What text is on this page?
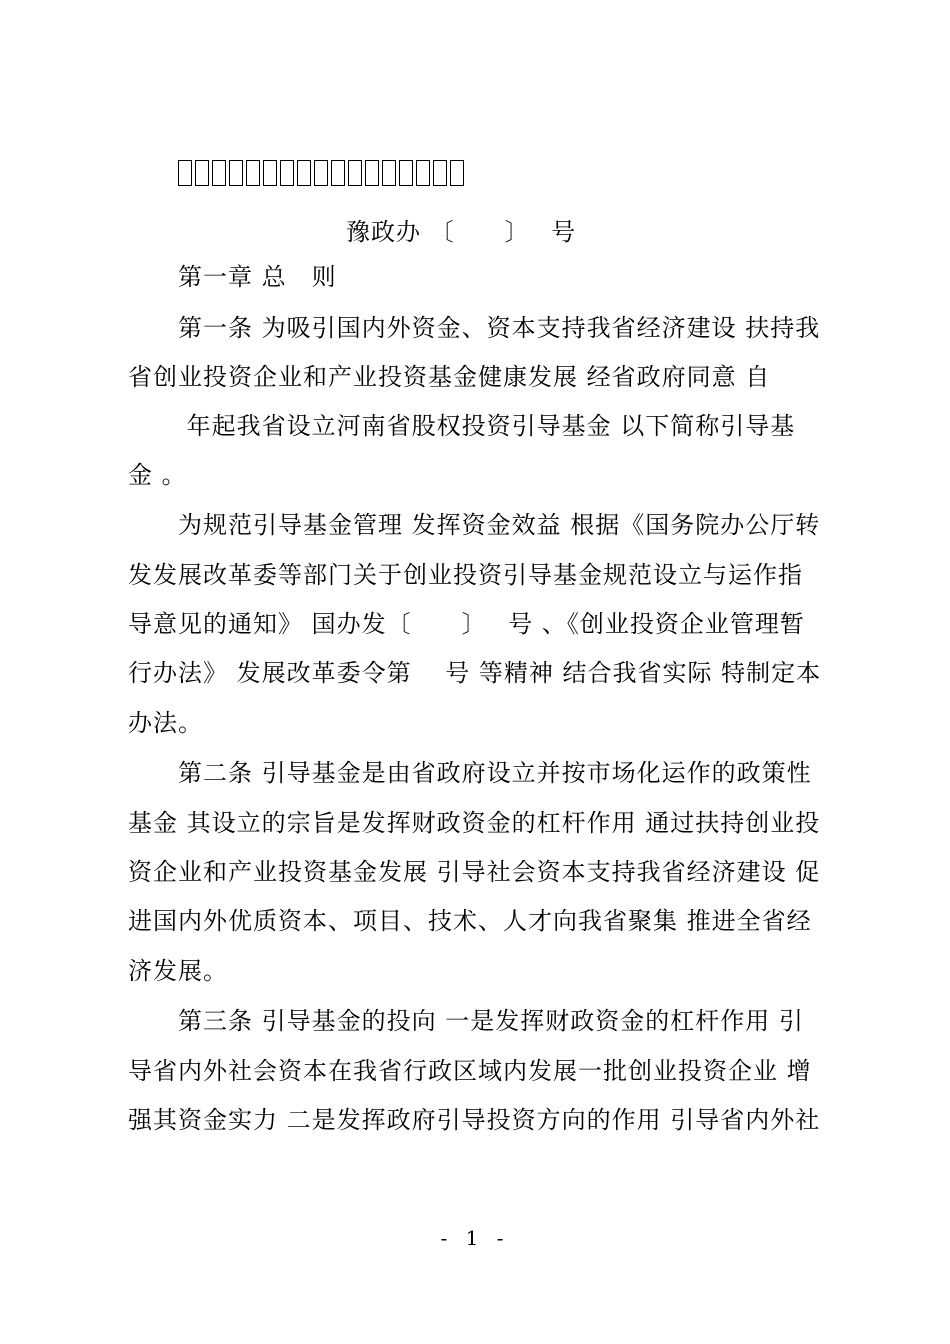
豫政办 〔　　〕　 号
第一章 总　则
第一条 为吸引国内外资金、资本支持我省经济建设 扶持我
省创业投资企业和产业投资基金健康发展 经省政府同意 自
年起我省设立河南省股权投资引导基金 以下简称引导基
金 。
为规范引导基金管理 发挥资金效益 根据《国务院办公厅转
发发展改革委等部门关于创业投资引导基金规范设立与运作指
导意见的通知》 国办发〔　　〕　 号 、《创业投资企业管理暂
行办法》 发展改革委令第　 号 等精神 结合我省实际 特制定本
办法。
第二条 引导基金是由省政府设立并按市场化运作的政策性
基金 其设立的宗旨是发挥财政资金的杠杆作用 通过扶持创业投
资企业和产业投资基金发展 引导社会资本支持我省经济建设 促
进国内外优质资本、项目、技术、人才向我省聚集 推进全省经
济发展。
第三条 引导基金的投向 一是发挥财政资金的杠杆作用 引
导省内外社会资本在我省行政区域内发展一批创业投资企业 增
强其资金实力 二是发挥政府引导投资方向的作用 引导省内外社
- 1 -
